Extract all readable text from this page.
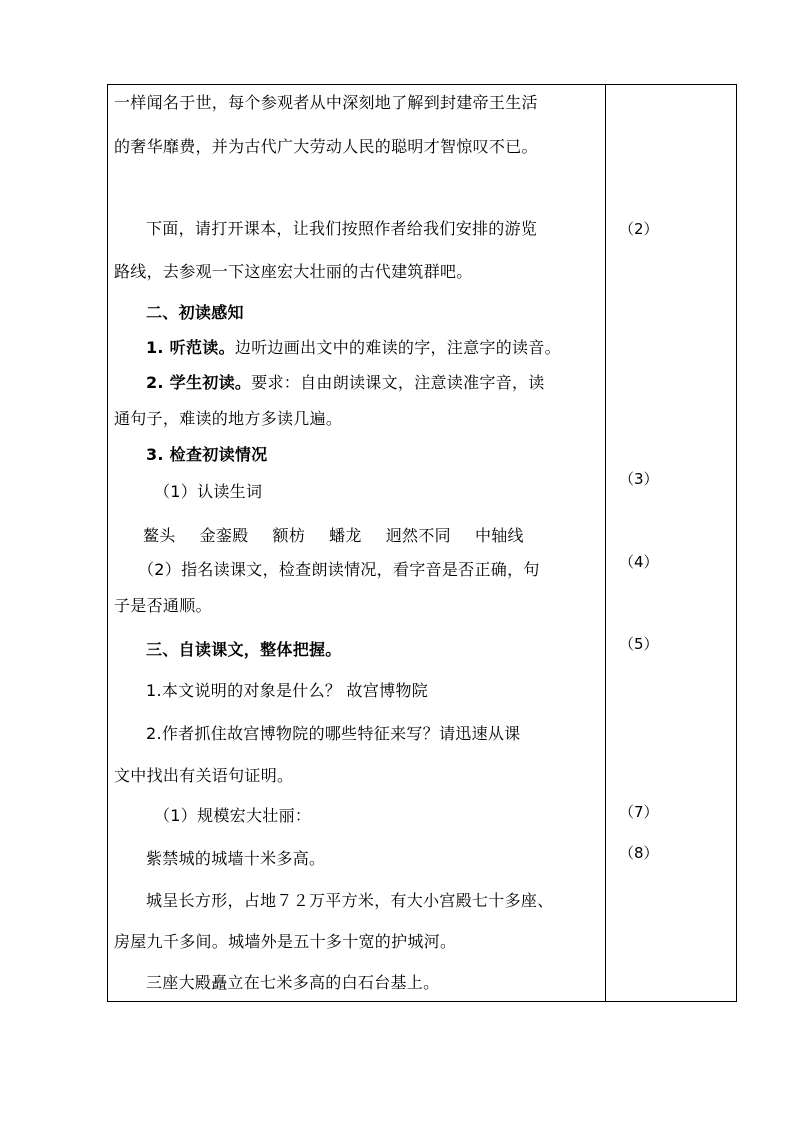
一样闻名于世，每个参观者从中深刻地了解到封建帝王生活
的奢华靡费，并为古代广大劳动人民的聪明才智惊叹不已。
下面，请打开课本，让我们按照作者给我们安排的游览
路线，去参观一下这座宏大壮丽的古代建筑群吧。
二、初读感知
1. 听范读。边听边画出文中的难读的字，注意字的读音。
2. 学生初读。要求：自由朗读课文，注意读准字音，读
通句子，难读的地方多读几遍。
3. 检查初读情况
（1）认读生词
鳌头 金銮殿 额枋 蟠龙 迥然不同 中轴线
（2）指名读课文，检查朗读情况，看字音是否正确，句
子是否通顺。
三、自读课文，整体把握。
1.本文说明的对象是什么？ 故宫博物院
2.作者抓住故宫博物院的哪些特征来写？请迅速从课
文中找出有关语句证明。
（1）规模宏大壮丽：
紫禁城的城墙十米多高。
城呈长方形，占地７２万平方米，有大小宫殿七十多座、
房屋九千多间。城墙外是五十多十宽的护城河。
三座大殿矗立在七米多高的白石台基上。
（2）
（3）
（4）
（5）
（7）
（8）
